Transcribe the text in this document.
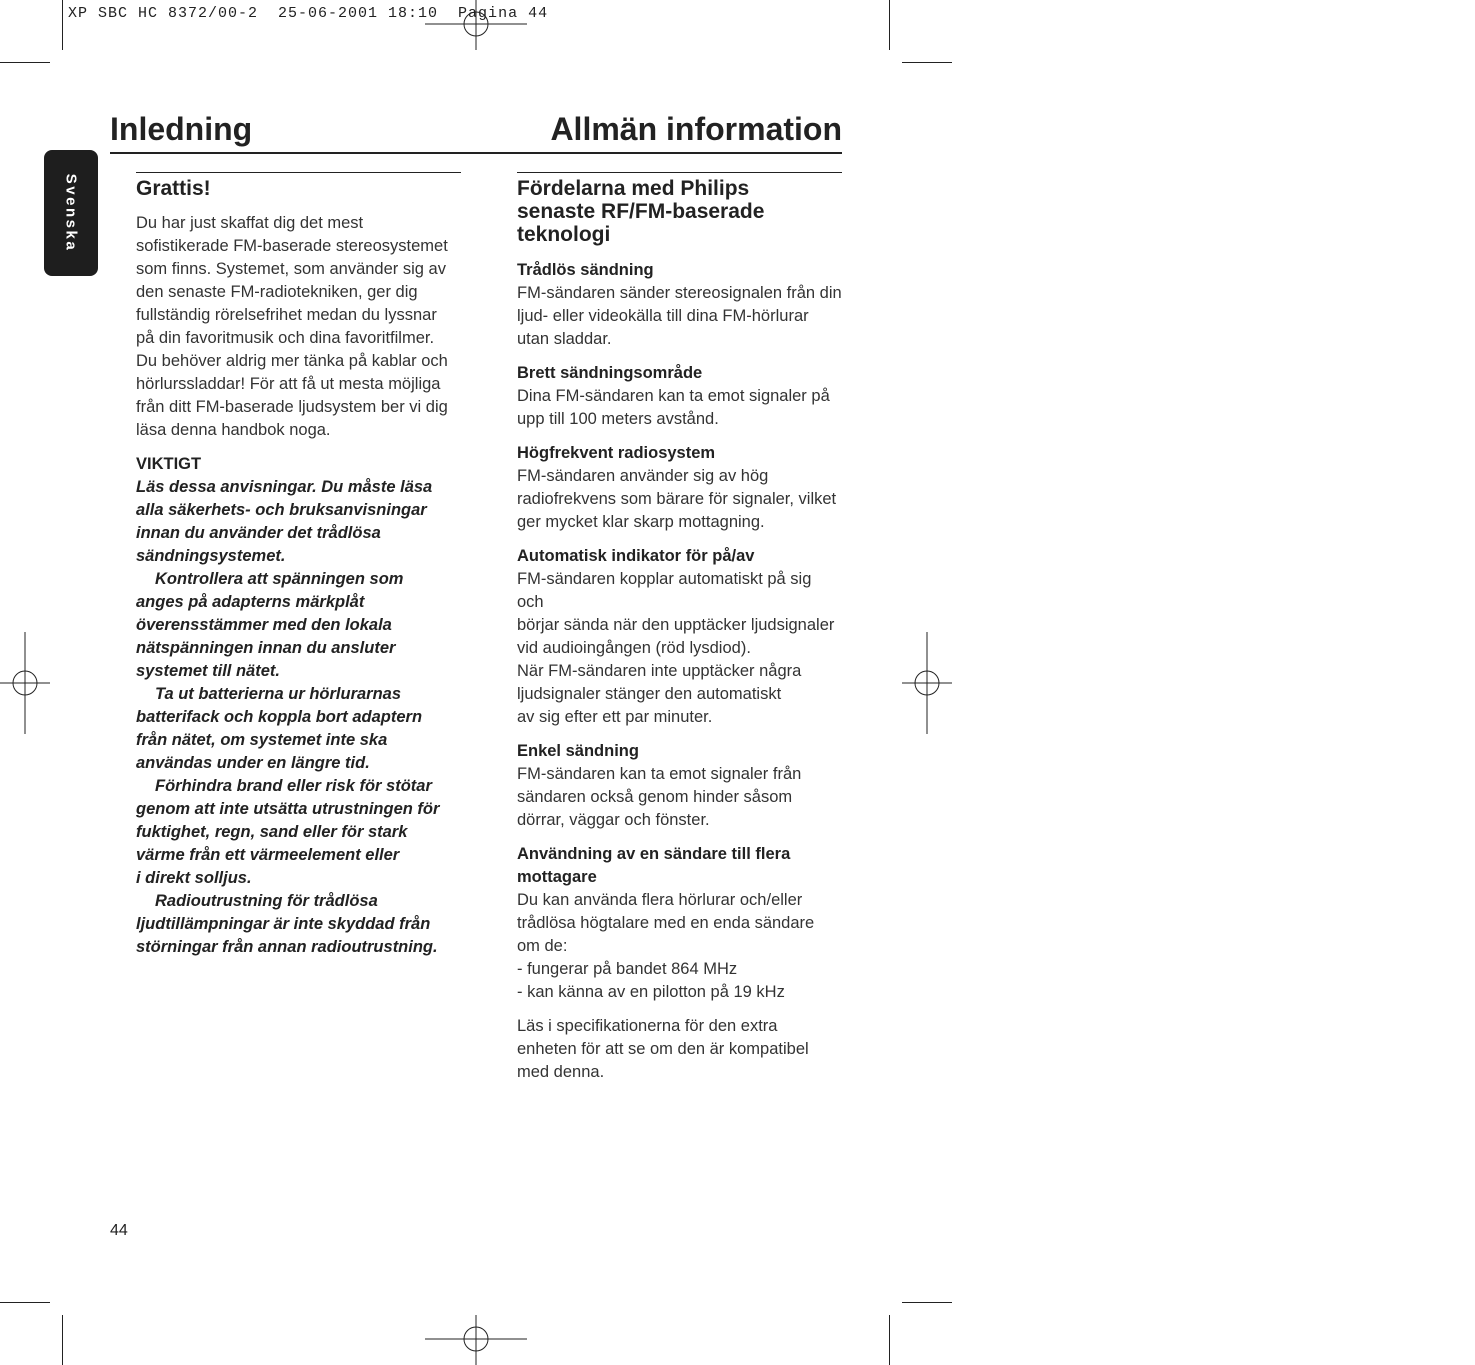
XP SBC HC 8372/00-2  25-06-2001 18:10  Pagina 44
Inledning	Allmän information
Svenska	Grattis!

Du har just skaffat dig det mest

sofistikerade FM-baserade stereosystemet

som finns. Systemet, som använder sig av

den senaste FM-radiotekniken, ger dig

fullständig rörelsefrihet medan du lyssnar

på din favoritmusik och dina favoritfilmer.

Du behöver aldrig mer tänka på kablar och

hörlurssladdar! För att få ut mesta möjliga

från ditt FM-baserade ljudsystem ber vi dig

läsa denna handbok noga.

VIKTIGT

Läs dessa anvisningar. Du måste läsa

alla säkerhets- och bruksanvisningar

innan du använder det trådlösa

sändningsystemet.

Kontrollera att spänningen som

anges på adapterns märkplåt

överensstämmer med den lokala

nätspänningen innan du ansluter

systemet till nätet.

Ta ut batterierna ur hörlurarnas

batterifack och koppla bort adaptern

från nätet, om systemet inte ska

användas under en längre tid.

Förhindra brand eller risk för stötar

genom att inte utsätta utrustningen för

fuktighet, regn, sand eller för stark

värme från ett värmeelement eller

i direkt solljus.

Radioutrustning för trådlösa

ljudtillämpningar är inte skyddad från

störningar från annan radioutrustning.

Fördelarna med Philips
senaste RF/FM-baserade
teknologi
Trådlös sändning

FM-sändaren sänder stereosignalen från din

ljud- eller videokälla till dina FM-hörlurar

utan sladdar.

Brett sändningsområde

Dina FM-sändaren kan ta emot signaler på

upp till 100 meters avstånd.

Högfrekvent radiosystem

FM-sändaren använder sig av hög

radiofrekvens som bärare för signaler, vilket

ger mycket klar skarp mottagning.

Automatisk indikator för på/av

FM-sändaren kopplar automatiskt på sig och

börjar sända när den upptäcker ljudsignaler

vid audioingången (röd lysdiod).

När FM-sändaren inte upptäcker några

ljudsignaler stänger den automatiskt

av sig efter ett par minuter.

Enkel sändning

FM-sändaren kan ta emot signaler från

sändaren också genom hinder såsom

dörrar, väggar och fönster.

Användning av en sändare till flera
mottagare

Du kan använda flera hörlurar och/eller

trådlösa högtalare med en enda sändare

om de:

- fungerar på bandet 864 MHz

- kan känna av en pilotton på 19 kHz

Läs i specifikationerna för den extra

enheten för att se om den är kompatibel

med denna.

44
